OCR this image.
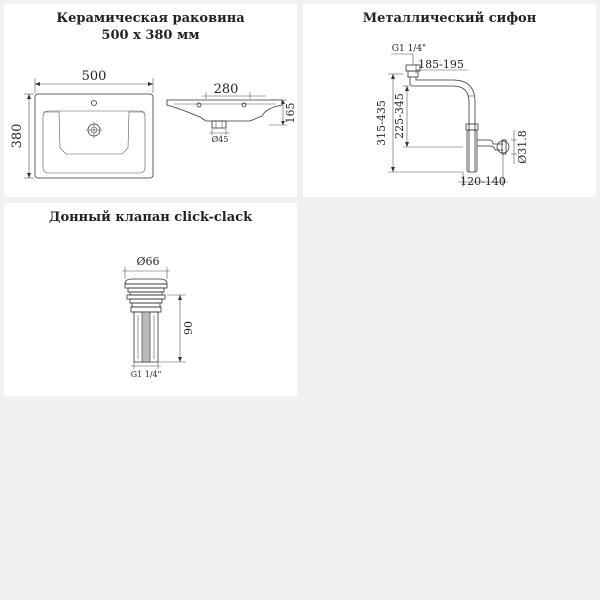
Керамическая раковина
500 х 380 мм
500
380
280
165
Ø45
Металлический сифон
G1 1/4"
185-195
315-435 225-345
Ø31.8
120-140
Донный клапан click-clack
Ø66
90
G1 1/4"
